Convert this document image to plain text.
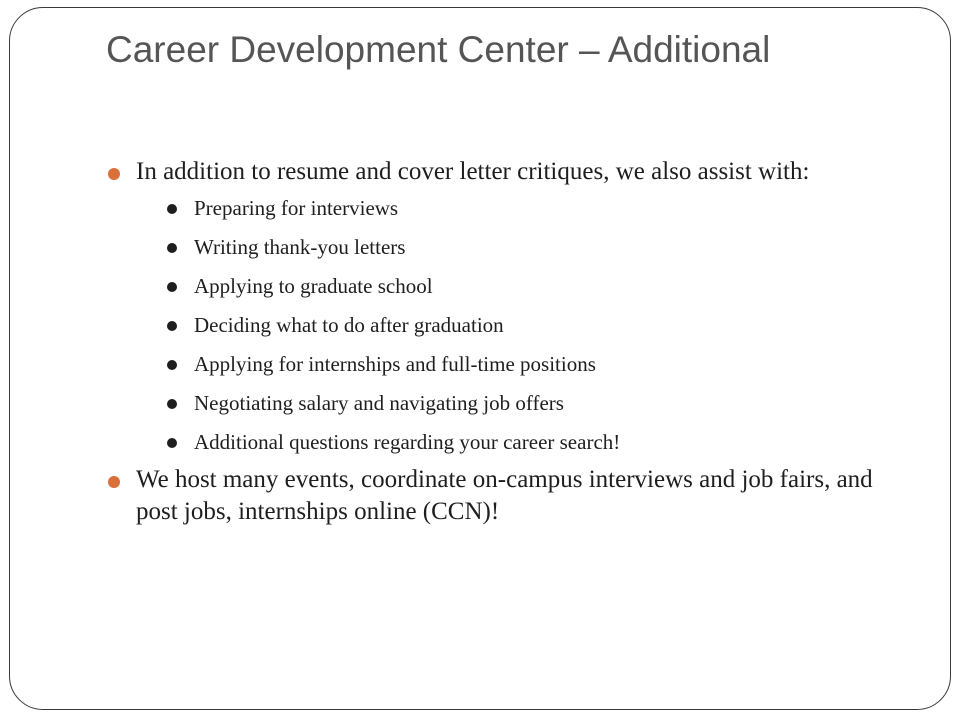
Career Development Center – Additional
In addition to resume and cover letter critiques, we also assist with:
Preparing for interviews
Writing thank-you letters
Applying to graduate school
Deciding what to do after graduation
Applying for internships and full-time positions
Negotiating salary and navigating job offers
Additional questions regarding your career search!
We host many events, coordinate on-campus interviews and job fairs, and post jobs, internships online (CCN)!
